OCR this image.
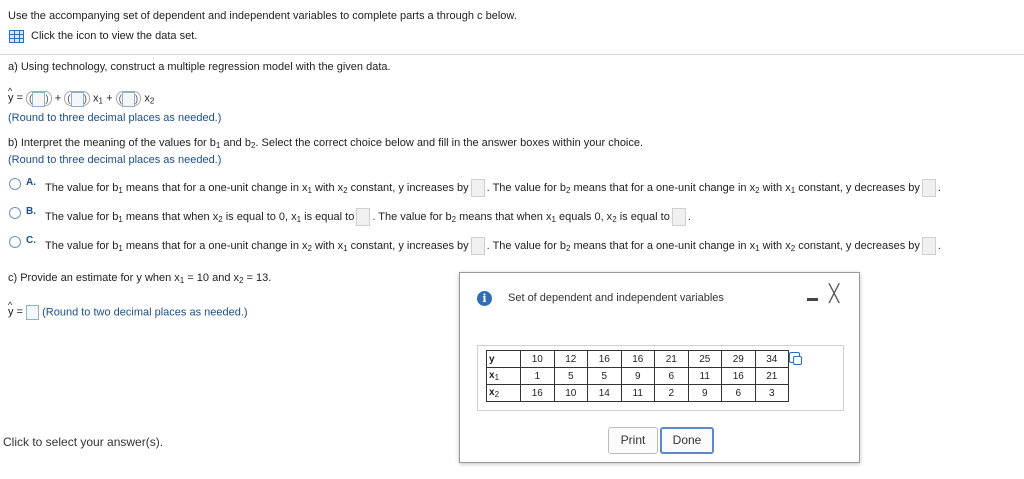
Use the accompanying set of dependent and independent variables to complete parts a through c below.
Click the icon to view the data set.
a) Using technology, construct a multiple regression model with the given data.
^ y = ( ) + ( ) $x_1$ + ( ) $x_2$
(Round to three decimal places as needed.)
b) Interpret the meaning of the values for $b_1$ and $b_2$. Select the correct choice below and fill in the answer boxes within your choice.
(Round to three decimal places as needed.)
A. The value for $b_1$ means that for a one-unit change in $x_1$ with $x_2$ constant, y increases by . The value for $b_2$ means that for a one-unit change in $x_2$ with $x_1$ constant, y decreases by .
B. The value for $b_1$ means that when $x_2$ is equal to 0, $x_1$ is equal to . The value for $b_2$ means that when $x_1$ equals 0, $x_2$ is equal to .
C. The value for $b_1$ means that for a one-unit change in $x_2$ with $x_1$ constant, y increases by . The value for $b_2$ means that for a one-unit change in $x_1$ with $x_2$ constant, y decreases by .
c) Provide an estimate for y when $x_1 = 10$ and $x_2 = 13$.
^ y = (Round to two decimal places as needed.)
Click to select your answer(s).
i	Set of dependent and independent variables	╳
y	10	12	16	16	21	25	29	34
$x_1$	1	5	5	9	6	11	16	21
$x_2$	16	10	14	11	2	9	6	3
Print	Done
